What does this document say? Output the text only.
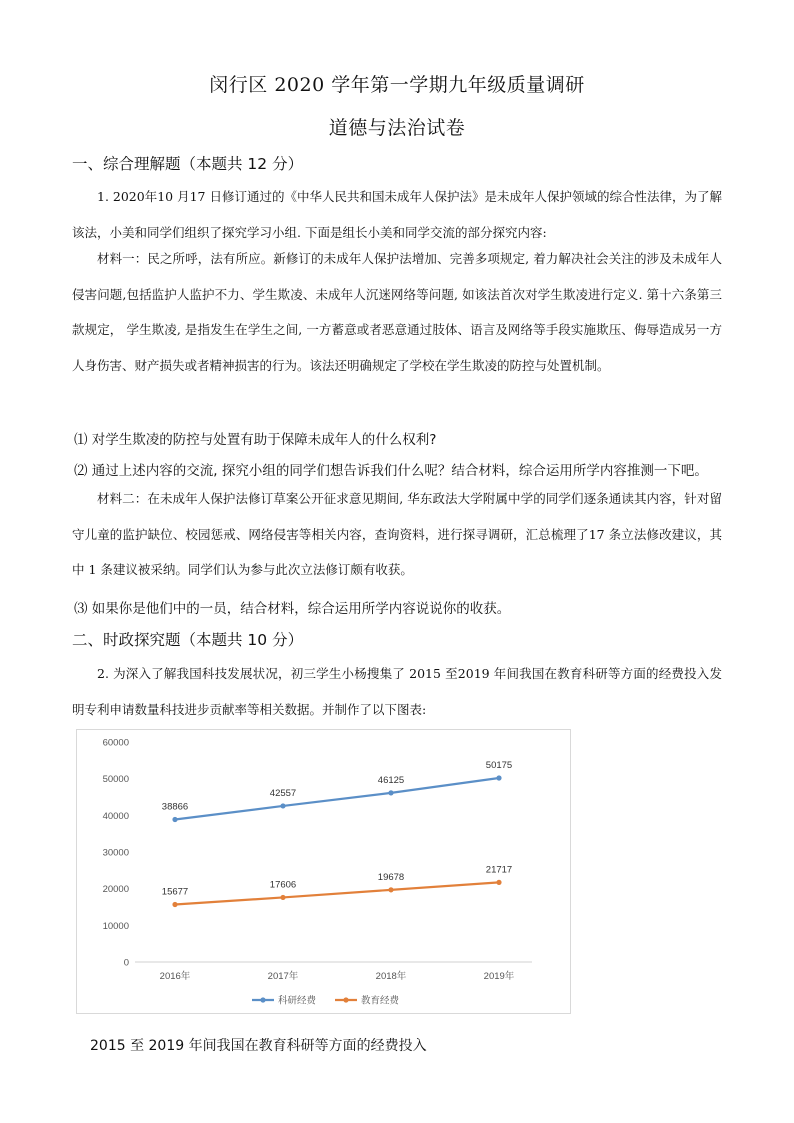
闵行区 2020 学年第一学期九年级质量调研
道德与法治试卷
一、综合理解题（本题共 12 分）
1. 2020年10 月17 日修订通过的《中华人民共和国未成年人保护法》是未成年人保护领域的综合性法律，为了解该法，小美和同学们组织了探究学习小组. 下面是组长小美和同学交流的部分探究内容:
材料一：民之所呼，法有所应。新修订的未成年人保护法增加、完善多项规定, 着力解决社会关注的涉及未成年人侵害问题,包括监护人监护不力、学生欺凌、未成年人沉迷网络等问题, 如该法首次对学生欺凌进行定义. 第十六条第三款规定， 学生欺凌, 是指发生在学生之间, 一方蓄意或者恶意通过肢体、语言及网络等手段实施欺压、侮辱造成另一方人身伤害、财产损失或者精神损害的行为。该法还明确规定了学校在学生欺凌的防控与处置机制。
⑴ 对学生欺凌的防控与处置有助于保障未成年人的什么权利?
⑵ 通过上述内容的交流, 探究小组的同学们想告诉我们什么呢？结合材料，综合运用所学内容推测一下吧。
材料二：在未成年人保护法修订草案公开征求意见期间, 华东政法大学附属中学的同学们逐条通读其内容，针对留守儿童的监护缺位、校园惩戒、网络侵害等相关内容，查询资料，进行探寻调研，汇总梳理了17 条立法修改建议，其中 1 条建议被采纳。同学们认为参与此次立法修订颇有收获。
⑶ 如果你是他们中的一员，结合材料，综合运用所学内容说说你的收获。
二、时政探究题（本题共 10 分）
2. 为深入了解我国科技发展状况，初三学生小杨搜集了 2015 至2019 年间我国在教育科研等方面的经费投入发明专利申请数量科技进步贡献率等相关数据。并制作了以下图表:
60000
50000
40000
30000
20000
10000
0
2016年	2017年	2018年	2019年
38866
42557
46125
50175
15677
17606
19678
21717
科研经费	教育经费
2015 至 2019 年间我国在教育科研等方面的经费投入
